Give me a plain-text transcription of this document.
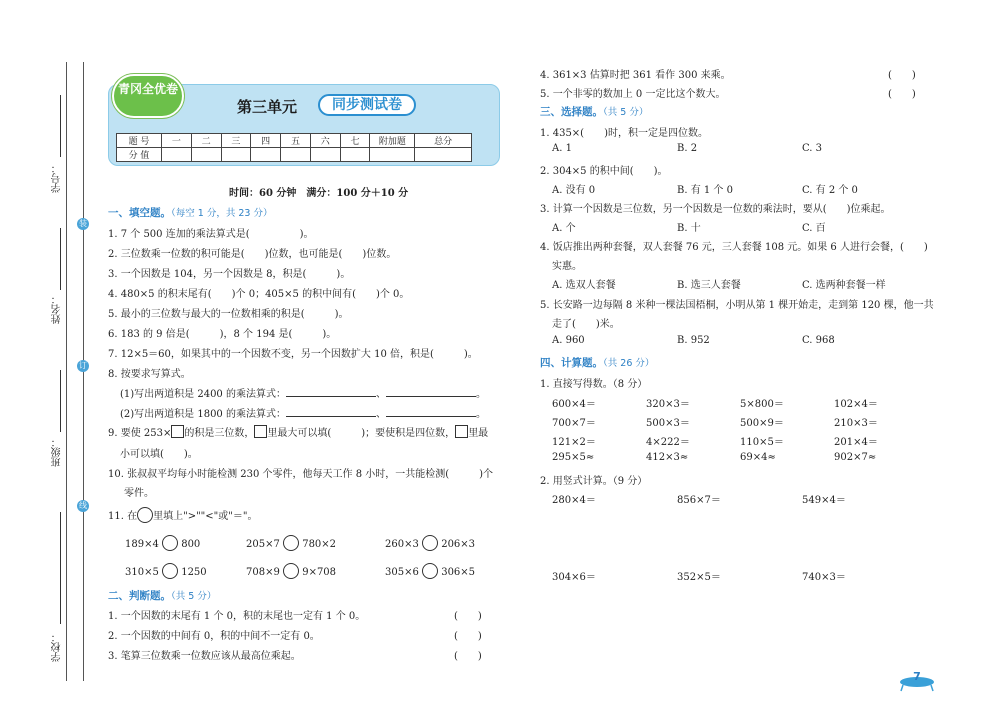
学号：
姓名：
班级：
学校：
装
订
线
青冈全优卷
第三单元	同步测试卷
题 号	一	二	三	四	五	六	七	附加题	总分
分 值									
时间：60 分钟　满分：100 分＋10 分
一、填空题。（每空 1 分，共 23 分）
1. 7 个 500 连加的乘法算式是(　　　　　)。
2. 三位数乘一位数的积可能是(　　)位数，也可能是(　　)位数。
3. 一个因数是 104，另一个因数是 8，积是(　　　)。
4. 480×5 的积末尾有(　　)个 0；405×5 的积中间有(　　)个 0。
5. 最小的三位数与最大的一位数相乘的积是(　　　)。
6. 183 的 9 倍是(　　　)，8 个 194 是(　　　)。
7. 12×5＝60，如果其中的一个因数不变，另一个因数扩大 10 倍，积是(　　　)。
8. 按要求写算式。
(1)写出两道积是 2400 的乘法算式：	、	。
(2)写出两道积是 1800 的乘法算式：	、	。
9. 要使 253× 的积是三位数， 里最大可以填(　　　)；要使积是四位数， 里最
小可以填(　　)。
10. 张叔叔平均每小时能检测 230 个零件，他每天工作 8 小时，一共能检测(　　　)个
零件。
11. 在 里填上">""<"或"＝"。
189×4 800	205×7 780×2	260×3 206×3
310×5 1250	708×9 9×708	305×6 306×5
二、判断题。（共 5 分）
1. 一个因数的末尾有 1 个 0，积的末尾也一定有 1 个 0。	(　　)
2. 一个因数的中间有 0，积的中间不一定有 0。	(　　)
3. 笔算三位数乘一位数应该从最高位乘起。	(　　)
4. 361×3 估算时把 361 看作 300 来乘。	(　　)
5. 一个非零的数加上 0 一定比这个数大。	(　　)
三、选择题。（共 5 分）
1. 435×(　　)时，积一定是四位数。
A. 1	B. 2	C. 3
2. 304×5 的积中间(　　)。
A. 没有 0	B. 有 1 个 0	C. 有 2 个 0
3. 计算一个因数是三位数，另一个因数是一位数的乘法时，要从(　　)位乘起。
A. 个	B. 十	C. 百
4. 饭店推出两种套餐，双人套餐 76 元，三人套餐 108 元。如果 6 人进行会餐，(　　)
实惠。
A. 选双人套餐	B. 选三人套餐	C. 选两种套餐一样
5. 长安路一边每隔 8 米种一棵法国梧桐，小明从第 1 棵开始走，走到第 120 棵，他一共
走了(　　)米。
A. 960	B. 952	C. 968
四、计算题。（共 26 分）
1. 直接写得数。（8 分）
600×4＝	320×3＝	5×800＝	102×4＝
700×7＝	500×3＝	500×9＝	210×3＝
121×2＝	4×222＝	110×5＝	201×4＝
295×5≈	412×3≈	69×4≈	902×7≈
2. 用竖式计算。（9 分）
280×4＝	856×7＝	549×4＝
304×6＝	352×5＝	740×3＝
7
